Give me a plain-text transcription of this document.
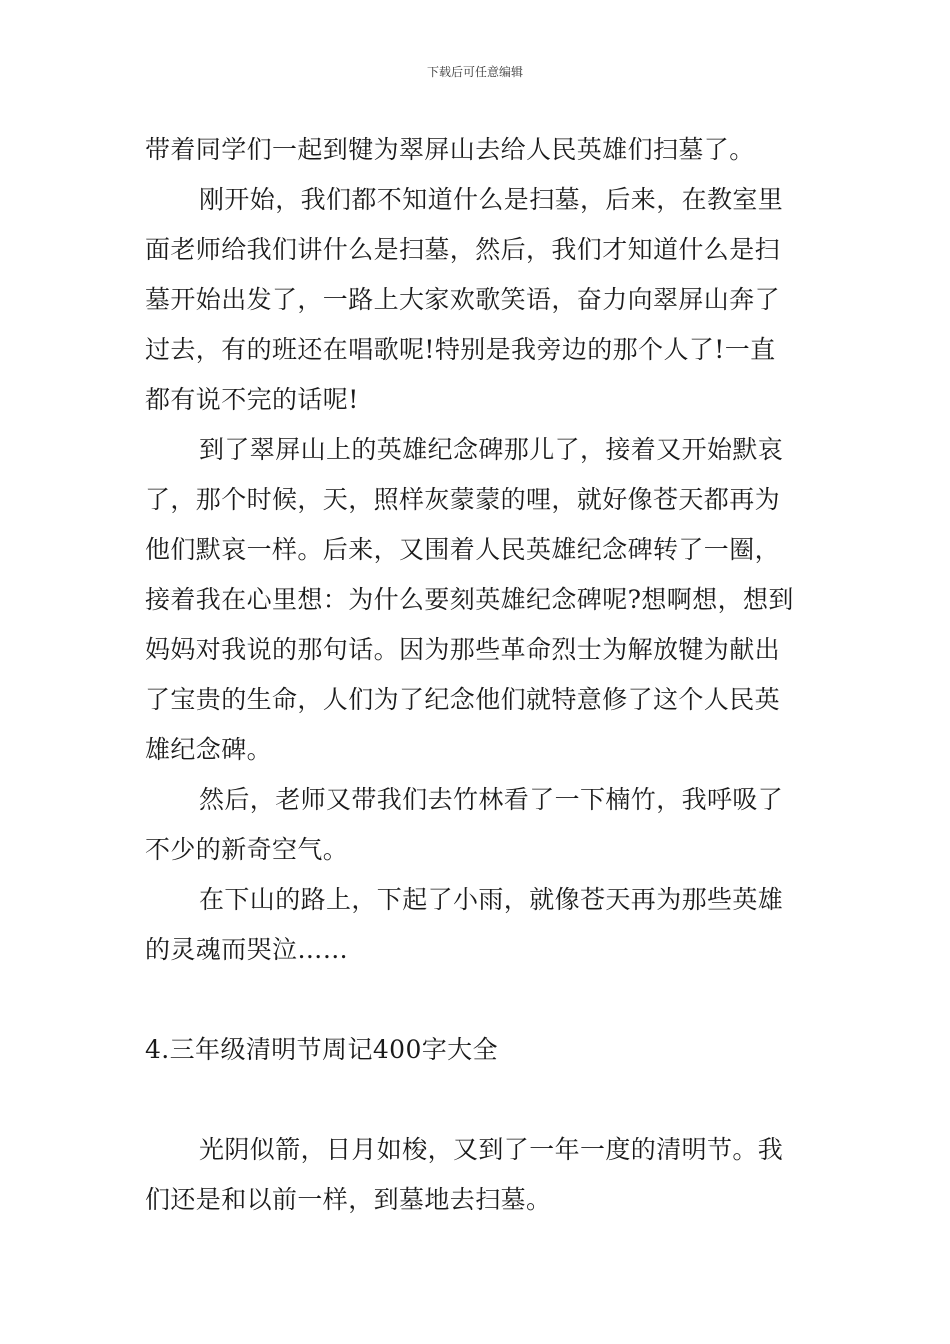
下载后可任意编辑

带着同学们一起到犍为翠屏山去给人民英雄们扫墓了。

刚开始，我们都不知道什么是扫墓，后来，在教室里
面老师给我们讲什么是扫墓，然后，我们才知道什么是扫
墓开始出发了，一路上大家欢歌笑语，奋力向翠屏山奔了
过去，有的班还在唱歌呢!特别是我旁边的那个人了!一直
都有说不完的话呢!

到了翠屏山上的英雄纪念碑那儿了，接着又开始默哀
了，那个时候，天，照样灰蒙蒙的哩，就好像苍天都再为
他们默哀一样。后来，又围着人民英雄纪念碑转了一圈，
接着我在心里想：为什么要刻英雄纪念碑呢?想啊想，想到
妈妈对我说的那句话。因为那些革命烈士为解放犍为献出
了宝贵的生命，人们为了纪念他们就特意修了这个人民英
雄纪念碑。

然后，老师又带我们去竹林看了一下楠竹，我呼吸了
不少的新奇空气。

在下山的路上，下起了小雨，就像苍天再为那些英雄
的灵魂而哭泣……

4.三年级清明节周记400字大全

光阴似箭，日月如梭，又到了一年一度的清明节。我
们还是和以前一样，到墓地去扫墓。
